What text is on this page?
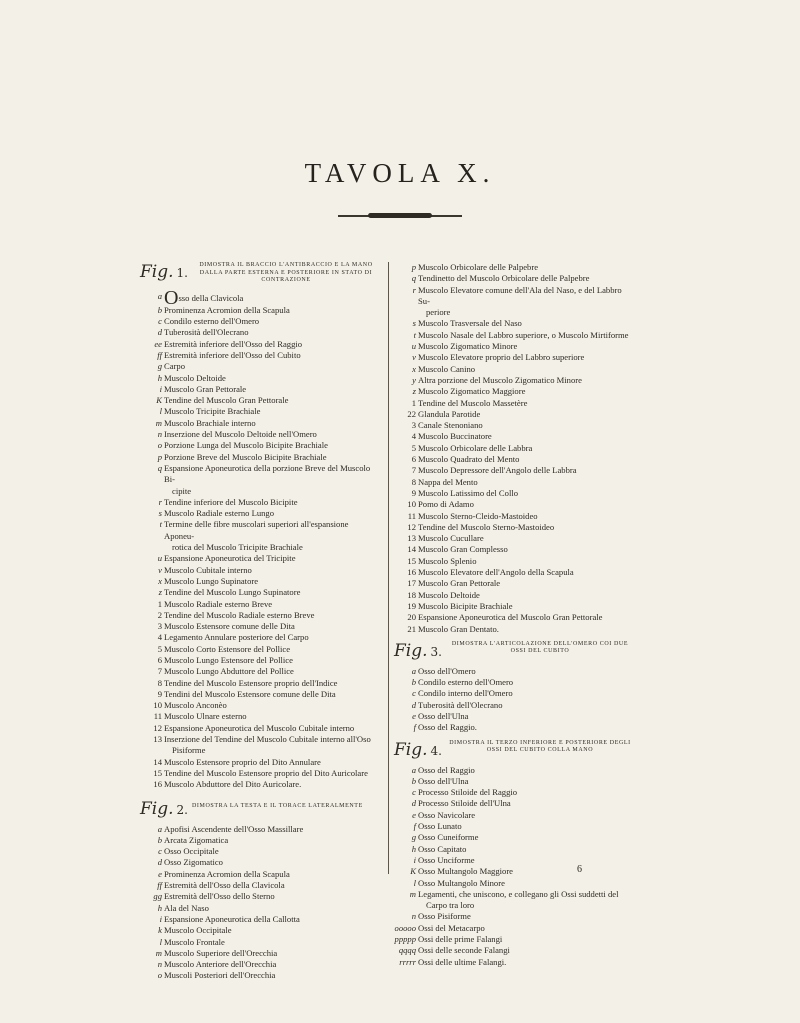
TAVOLA X.
Fig. 1.
DIMOSTRA IL BRACCIO L'ANTIBRACCIO E LA MANO DALLA PARTE ESTERNA E POSTERIORE IN STATO DI CONTRAZIONE
a Osso della Clavicola
b Prominenza Acromion della Scapula
c Condilo esterno dell'Omero
d Tuberosità dell'Olecrano
ee Estremità inferiore dell'Osso del Raggio
ff Estremità inferiore dell'Osso del Cubito
g Carpo
h Muscolo Deltoide
i Muscolo Gran Pettorale
K Tendine del Muscolo Gran Pettorale
l Muscolo Tricipite Brachiale
m Muscolo Brachiale interno
n Inserzione del Muscolo Deltoide nell'Omero
o Porzione Lunga del Muscolo Bicipite Brachiale
p Porzione Breve del Muscolo Bicipite Brachiale
q Espansione Aponeurotica della porzione Breve del Muscolo Bi-
cipite
r Tendine inferiore del Muscolo Bicipite
s Muscolo Radiale esterno Lungo
t Termine delle fibre muscolari superiori all'espansione Aponeu-
rotica del Muscolo Tricipite Brachiale
u Espansione Aponeurotica del Tricipite
v Muscolo Cubitale interno
x Muscolo Lungo Supinatore
z Tendine del Muscolo Lungo Supinatore
1 Muscolo Radiale esterno Breve
2 Tendine del Muscolo Radiale esterno Breve
3 Muscolo Estensore comune delle Dita
4 Legamento Annulare posteriore del Carpo
5 Muscolo Corto Estensore del Pollice
6 Muscolo Lungo Estensore del Pollice
7 Muscolo Lungo Abduttore del Pollice
8 Tendine del Muscolo Estensore proprio dell'Indice
9 Tendini del Muscolo Estensore comune delle Dita
10 Muscolo Anconèo
11 Muscolo Ulnare esterno
12 Espansione Aponeurotica del Muscolo Cubitale interno
13 Inserzione del Tendine del Muscolo Cubitale interno all'Oso
Pisiforme
14 Muscolo Estensore proprio del Dito Annulare
15 Tendine del Muscolo Estensore proprio del Dito Auricolare
16 Muscolo Abduttore del Dito Auricolare.
Fig. 2. DIMOSTRA LA TESTA E IL TORACE LATERALMENTE
a Apofisi Ascendente dell'Osso Massillare
b Arcata Zigomatica
c Osso Occipitale
d Osso Zigomatico
e Prominenza Acromion della Scapula
ff Estremità dell'Osso della Clavicola
gg Estremità dell'Osso dello Sterno
h Ala del Naso
i Espansione Aponeurotica della Callotta
k Muscolo Occipitale
l Muscolo Frontale
m Muscolo Superiore dell'Orecchia
n Muscolo Anteriore dell'Orecchia
o Muscoli Posteriori dell'Orecchia
p Muscolo Orbicolare delle Palpebre
q Tendinetto del Muscolo Orbicolare delle Palpebre
r Muscolo Elevatore comune dell'Ala del Naso, e del Labbro Su-
periore
s Muscolo Trasversale del Naso
t Muscolo Nasale del Labbro superiore, o Muscolo Mirtiforme
u Muscolo Zigomatico Minore
v Muscolo Elevatore proprio del Labbro superiore
x Muscolo Canino
y Altra porzione del Muscolo Zigomatico Minore
z Muscolo Zigomatico Maggiore
1 Tendine del Muscolo Massetère
22 Glandula Parotide
3 Canale Stenoniano
4 Muscolo Buccinatore
5 Muscolo Orbicolare delle Labbra
6 Muscolo Quadrato del Mento
7 Muscolo Depressore dell'Angolo delle Labbra
8 Nappa del Mento
9 Muscolo Latissimo del Collo
10 Pomo di Adamo
11 Muscolo Sterno-Cleido-Mastoideo
12 Tendine del Muscolo Sterno-Mastoideo
13 Muscolo Cucullare
14 Muscolo Gran Complesso
15 Muscolo Splenio
16 Muscolo Elevatore dell'Angolo della Scapula
17 Muscolo Gran Pettorale
18 Muscolo Deltoide
19 Muscolo Bicipite Brachiale
20 Espansione Aponeurotica del Muscolo Gran Pettorale
21 Muscolo Gran Dentato.
Fig. 3.
DIMOSTRA L'ARTICOLAZIONE DELL'OMERO COI DUE OSSI DEL CUBITO
a Osso dell'Omero
b Condilo esterno dell'Omero
c Condilo interno dell'Omero
d Tuberosità dell'Olecrano
e Osso dell'Ulna
f Osso del Raggio.
Fig. 4.
DIMOSTRA IL TERZO INFERIORE E POSTERIORE DEGLI OSSI DEL CUBITO COLLA MANO
a Osso del Raggio
b Osso dell'Ulna
c Processo Stiloide del Raggio
d Processo Stiloide dell'Ulna
e Osso Navicolare
f Osso Lunato
g Osso Cuneiforme
h Osso Capitato
i Osso Unciforme
K Osso Multangolo Maggiore
l Osso Multangolo Minore
m Legamenti, che uniscono, e collegano gli Ossi suddetti del
Carpo tra loro
n Osso Pisiforme
ooooo Ossi del Metacarpo
ppppp Ossi delle prime Falangi
qqqq Ossi delle seconde Falangi
rrrrr Ossi delle ultime Falangi.
6
